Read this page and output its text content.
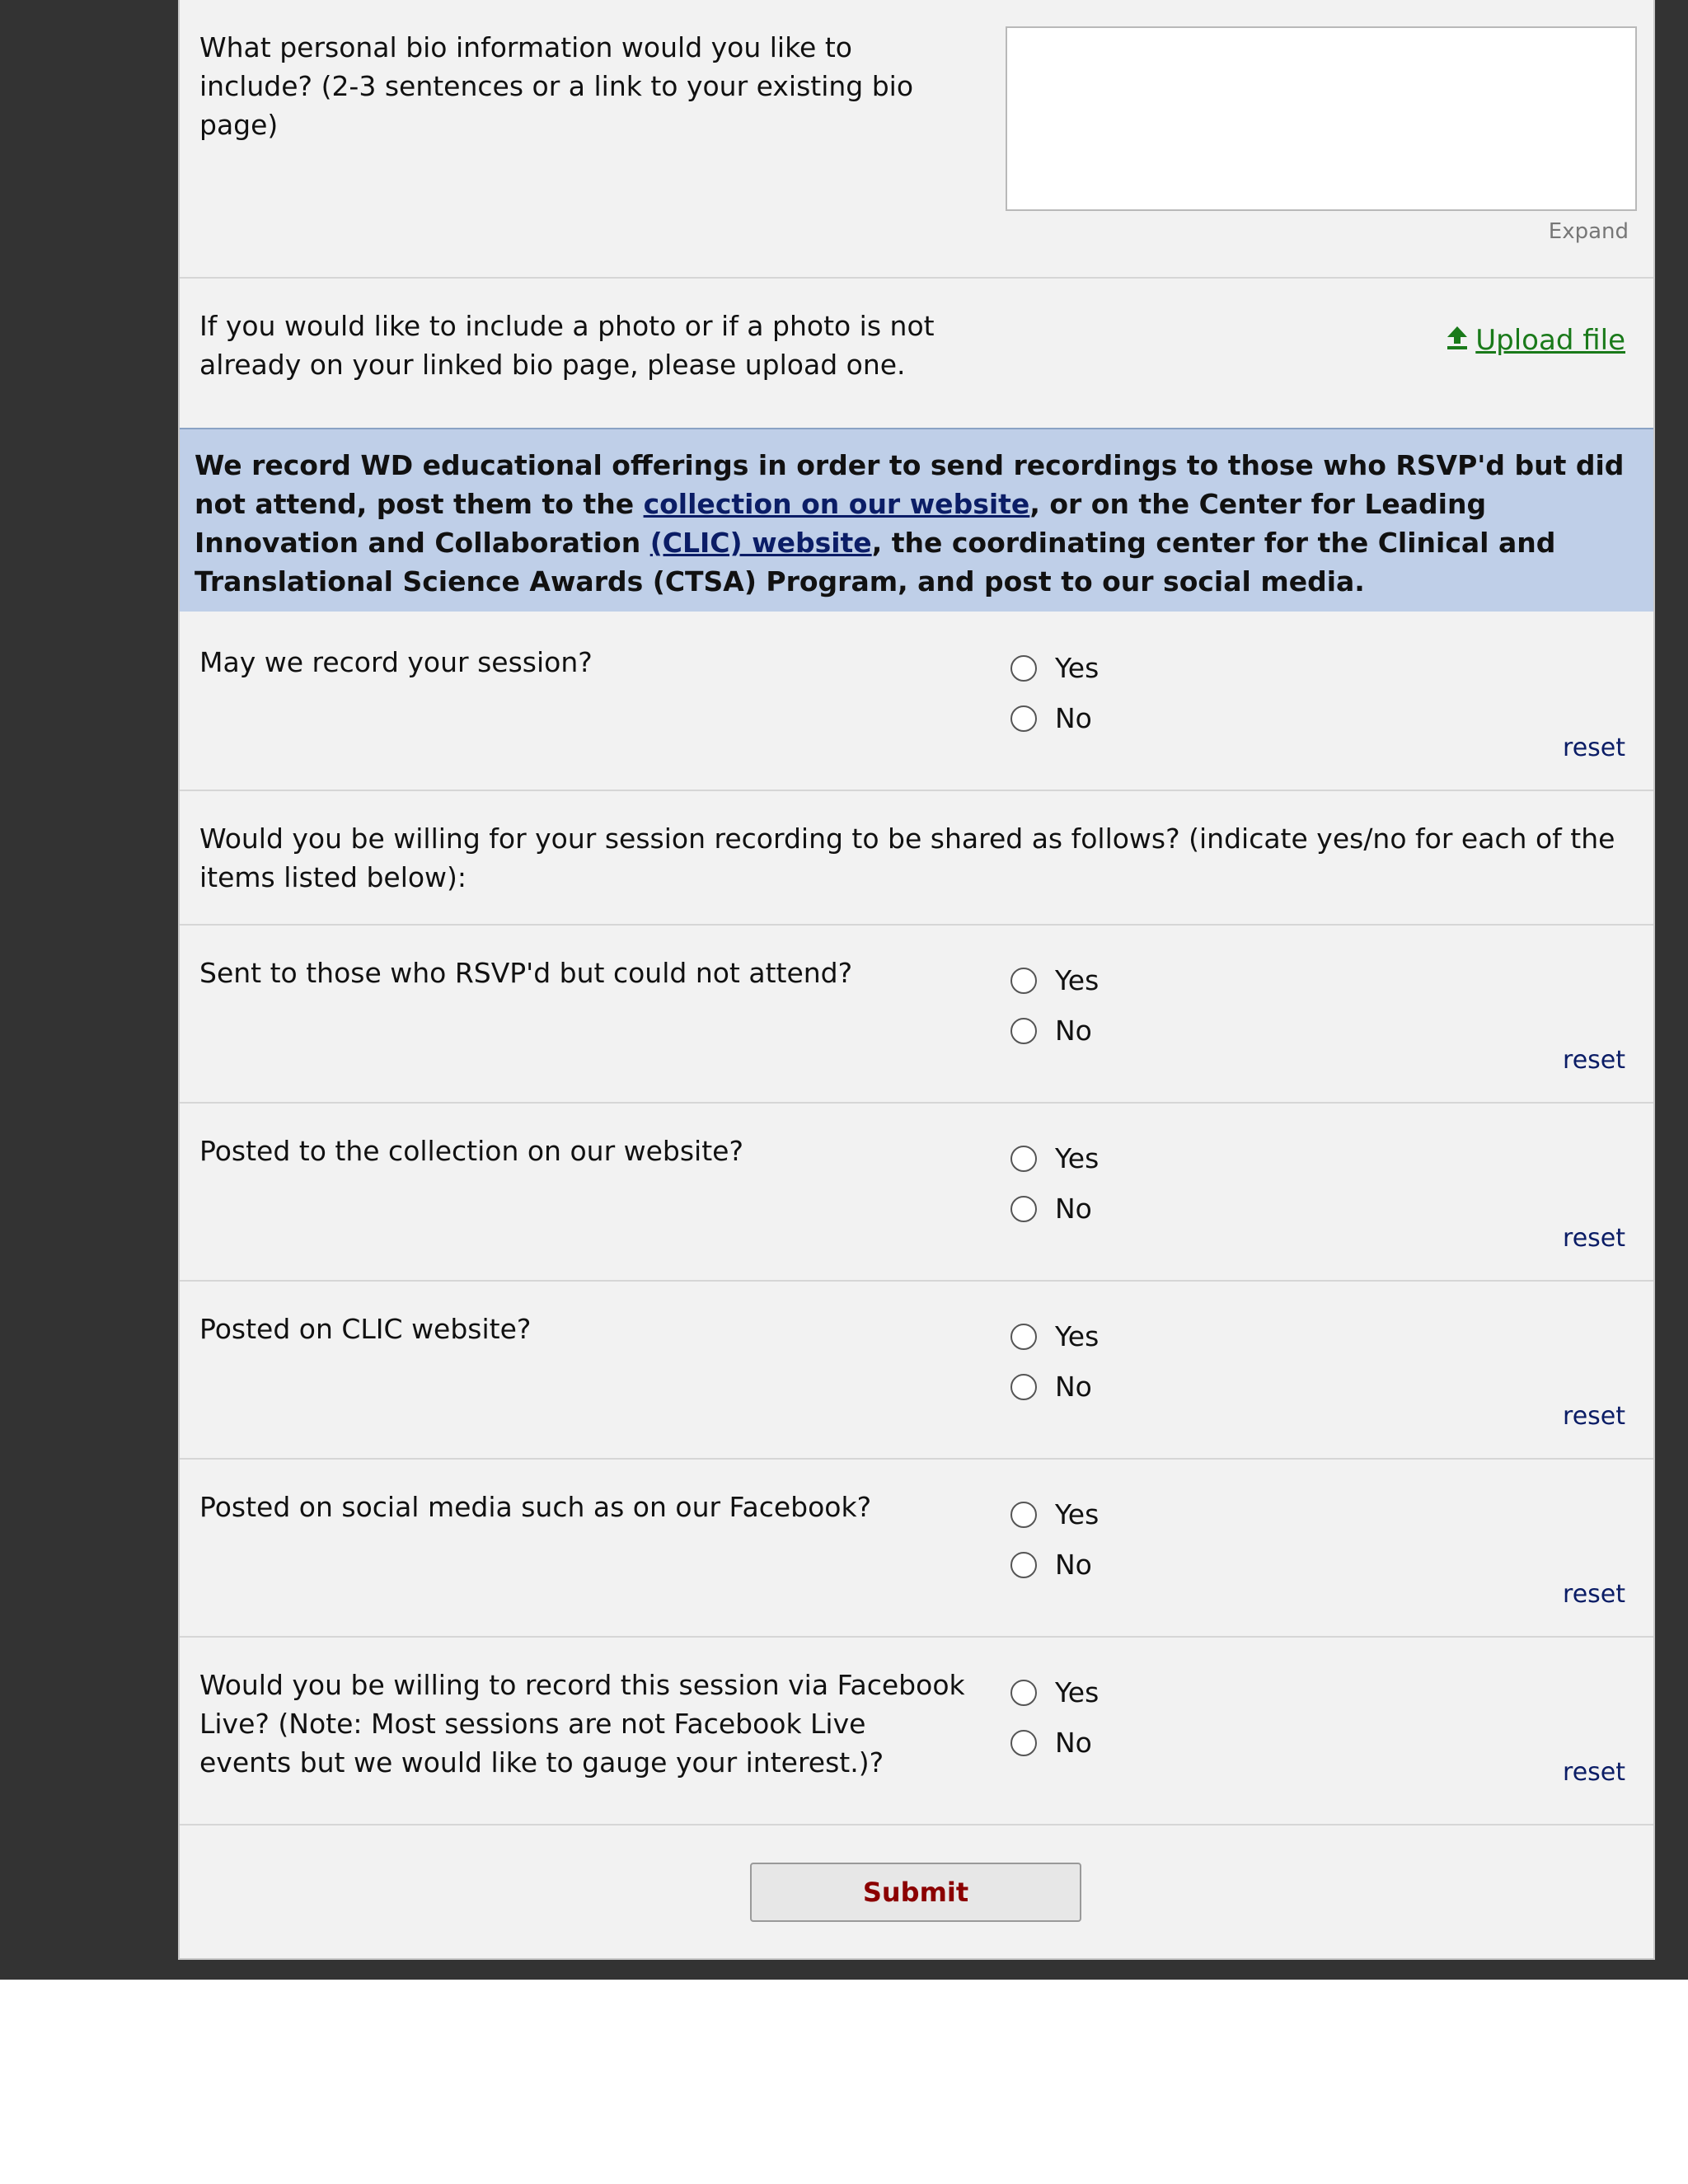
What personal bio information would you like to include? (2-3 sentences or a link to your existing bio page)
Expand
If you would like to include a photo or if a photo is not already on your linked bio page, please upload one.
Upload file
We record WD educational offerings in order to send recordings to those who RSVP'd but did not attend, post them to the collection on our website, or on the Center for Leading Innovation and Collaboration (CLIC) website, the coordinating center for the Clinical and Translational Science Awards (CTSA) Program, and post to our social media.
May we record your session?	Yes
No
reset
Would you be willing for your session recording to be shared as follows? (indicate yes/no for each of the items listed below):
Sent to those who RSVP'd but could not attend?	Yes
No
reset
Posted to the collection on our website?	Yes
No
reset
Posted on CLIC website?	Yes
No
reset
Posted on social media such as on our Facebook?	Yes
No
reset
Would you be willing to record this session via Facebook Live? (Note: Most sessions are not Facebook Live events but we would like to gauge your interest.)?
Yes
No
reset
Submit
